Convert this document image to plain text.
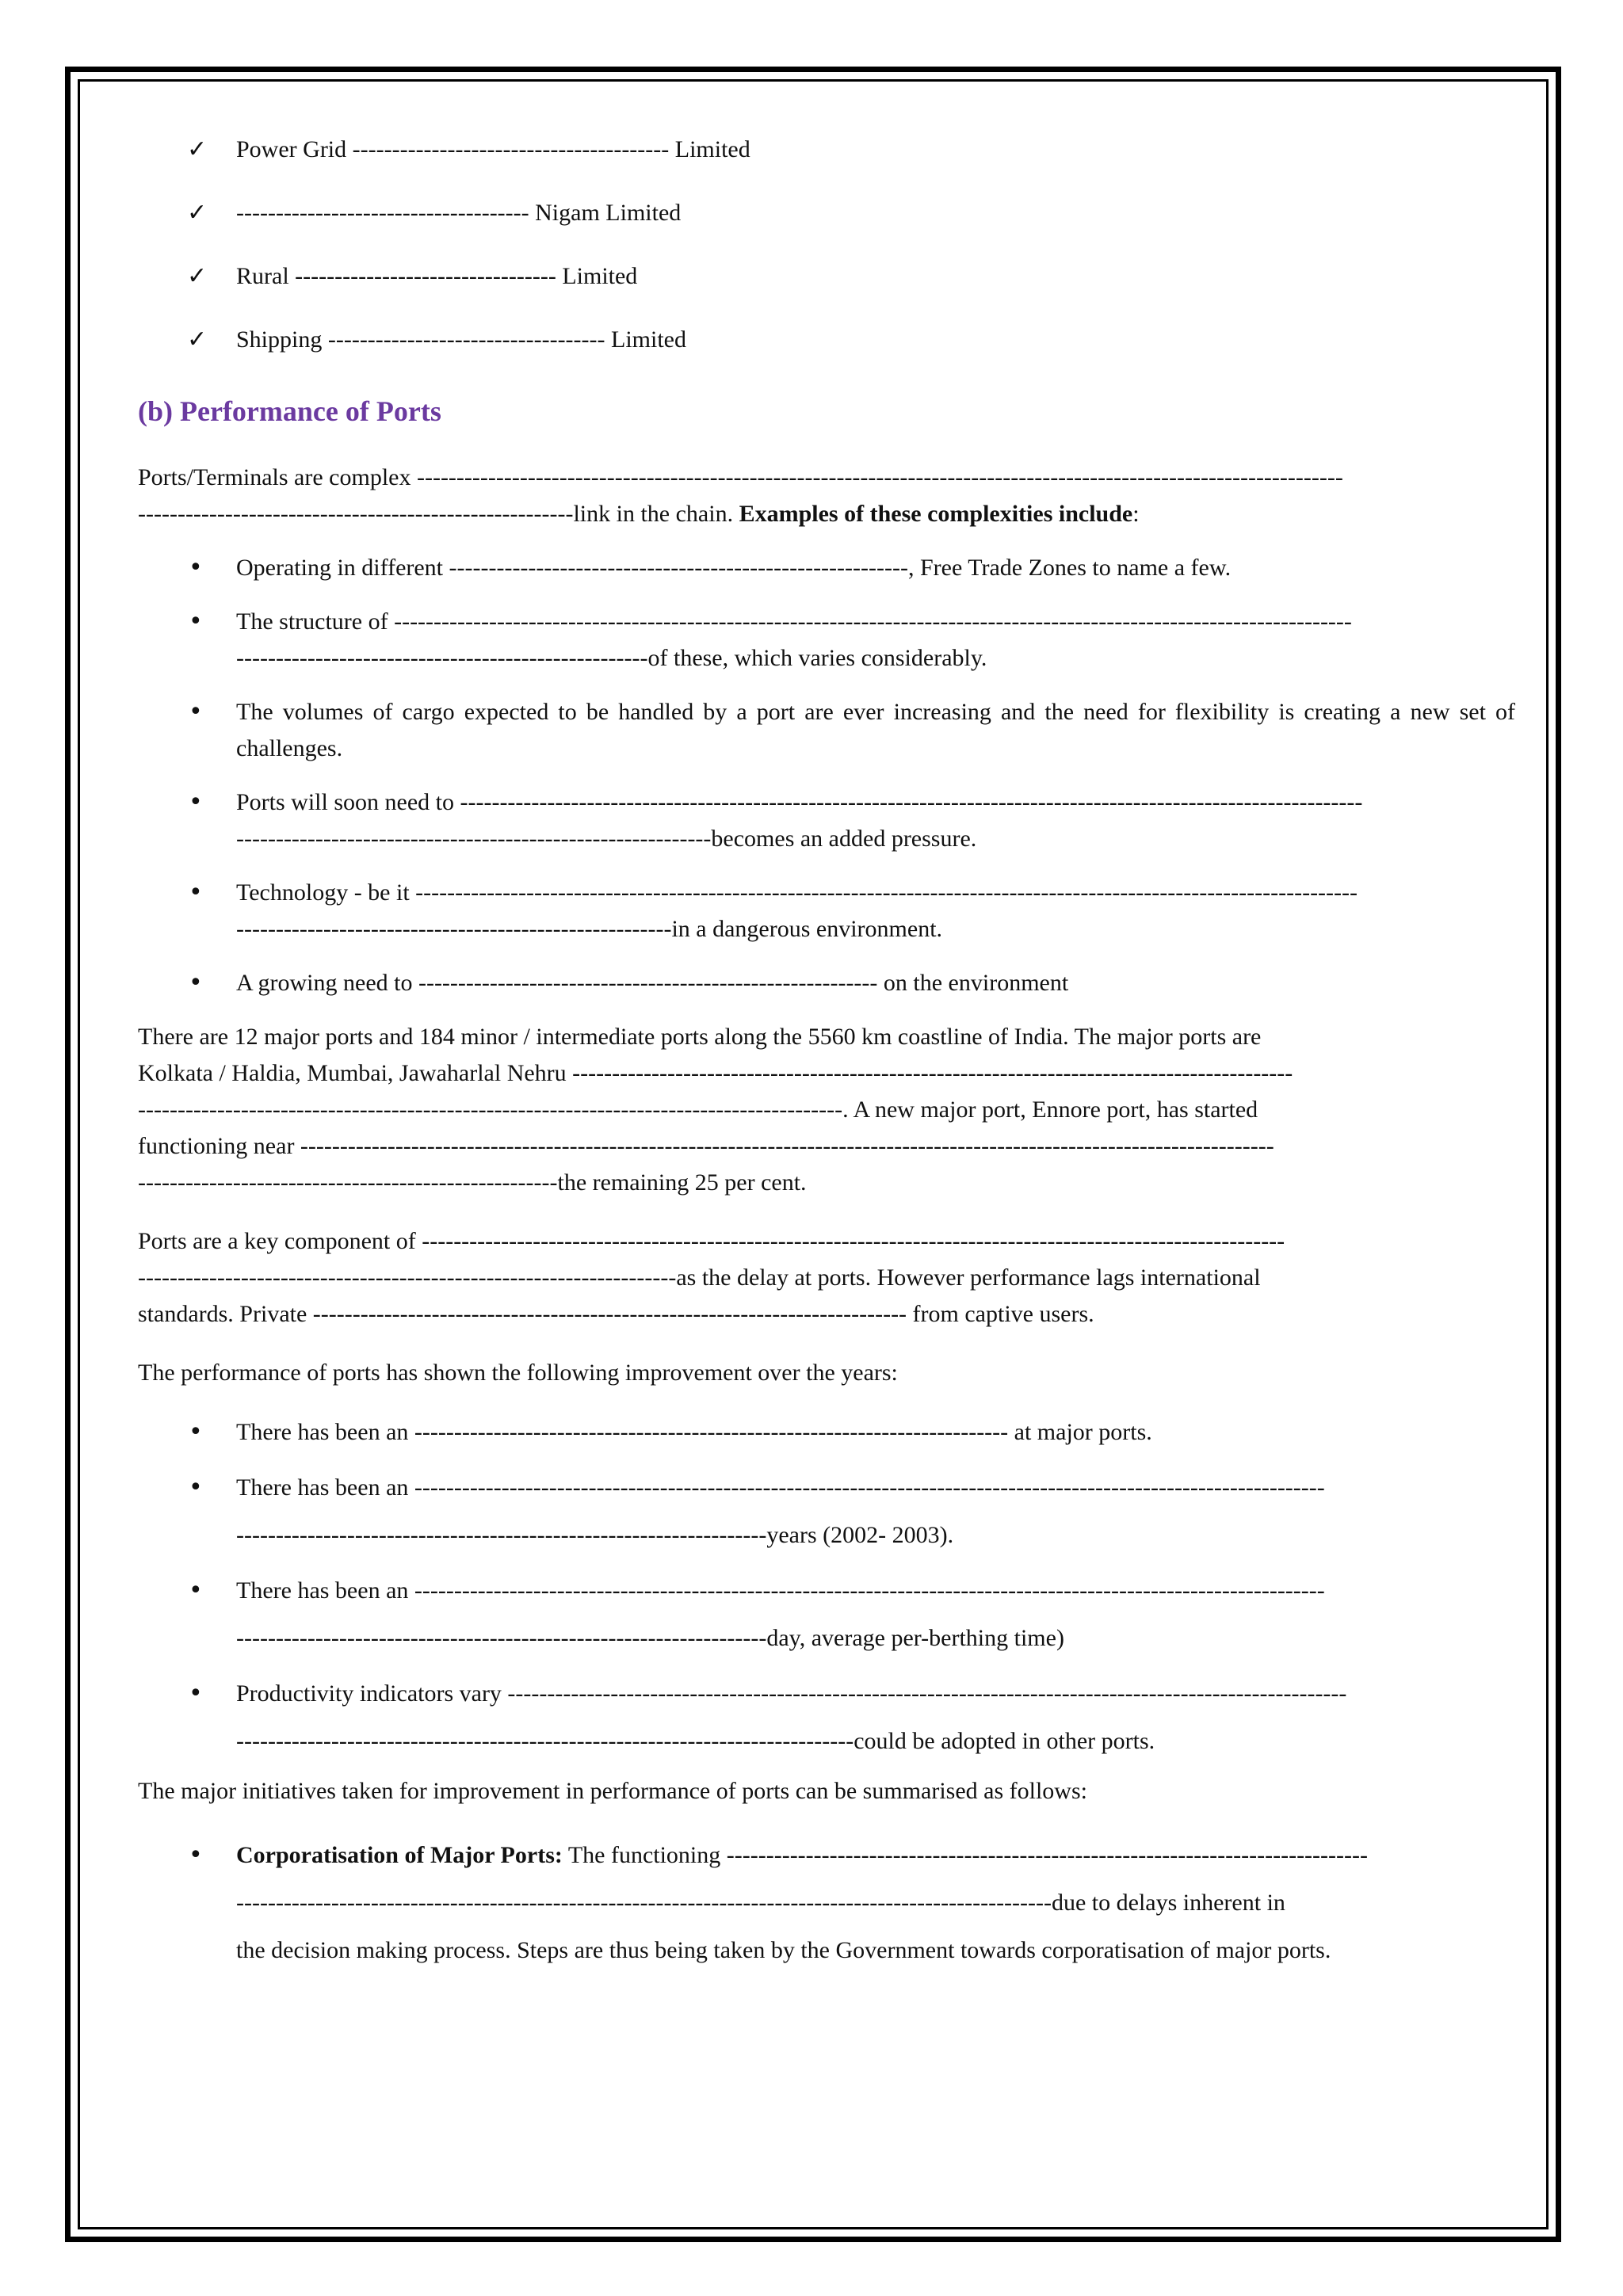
✓ Power Grid ---------------------------------------- Limited
✓ ------------------------------------- Nigam Limited
✓ Rural --------------------------------- Limited
✓ Shipping ----------------------------------- Limited
(b) Performance of Ports
Ports/Terminals are complex ---------------------------------------------------------------------------------------------------------------------
-------------------------------------------------------link in the chain. Examples of these complexities include:
• Operating in different ----------------------------------------------------------, Free Trade Zones to name a few.
• The structure of -------------------------------------------------------------------------------------------------------------------------
----------------------------------------------------of these, which varies considerably.
• The volumes of cargo expected to be handled by a port are ever increasing and the need for flexibility is creating a new set of challenges.
• Ports will soon need to ------------------------------------------------------------------------------------------------------------------
------------------------------------------------------------becomes an added pressure.
• Technology - be it -----------------------------------------------------------------------------------------------------------------------
-------------------------------------------------------in a dangerous environment.
• A growing need to ---------------------------------------------------------- on the environment
There are 12 major ports and 184 minor / intermediate ports along the 5560 km coastline of India. The major ports are
Kolkata / Haldia, Mumbai, Jawaharlal Nehru -------------------------------------------------------------------------------------------
-----------------------------------------------------------------------------------------. A new major port, Ennore port, has started
functioning near ---------------------------------------------------------------------------------------------------------------------------
-----------------------------------------------------the remaining 25 per cent.
Ports are a key component of -------------------------------------------------------------------------------------------------------------
--------------------------------------------------------------------as the delay at ports. However performance lags international
standards. Private --------------------------------------------------------------------------- from captive users.

The performance of ports has shown the following improvement over the years:

• There has been an --------------------------------------------------------------------------- at major ports.
• There has been an -------------------------------------------------------------------------------------------------------------------
-------------------------------------------------------------------years (2002- 2003).
• There has been an -------------------------------------------------------------------------------------------------------------------
-------------------------------------------------------------------day, average per-berthing time)
• Productivity indicators vary ----------------------------------------------------------------------------------------------------------
------------------------------------------------------------------------------could be adopted in other ports.

The major initiatives taken for improvement in performance of ports can be summarised as follows:

• Corporatisation of Major Ports: The functioning ---------------------------------------------------------------------------------
-------------------------------------------------------------------------------------------------------due to delays inherent in
the decision making process. Steps are thus being taken by the Government towards corporatisation of major ports.
